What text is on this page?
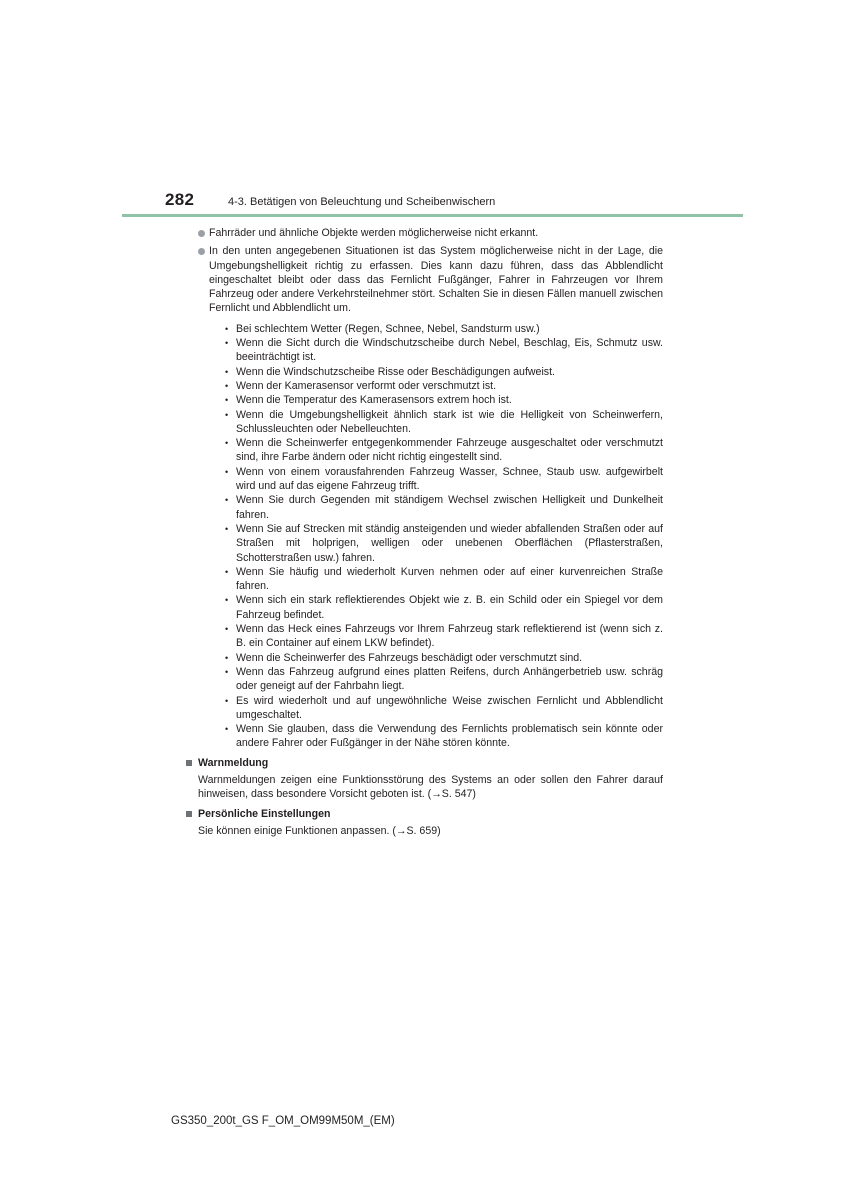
282	4-3. Betätigen von Beleuchtung und Scheibenwischern
Fahrräder und ähnliche Objekte werden möglicherweise nicht erkannt.
In den unten angegebenen Situationen ist das System möglicherweise nicht in der Lage, die Umgebungshelligkeit richtig zu erfassen. Dies kann dazu führen, dass das Abblendlicht eingeschaltet bleibt oder dass das Fernlicht Fußgänger, Fahrer in Fahrzeugen vor Ihrem Fahrzeug oder andere Verkehrsteilnehmer stört. Schalten Sie in diesen Fällen manuell zwischen Fernlicht und Abblendlicht um.
• Bei schlechtem Wetter (Regen, Schnee, Nebel, Sandsturm usw.)
• Wenn die Sicht durch die Windschutzscheibe durch Nebel, Beschlag, Eis, Schmutz usw. beeinträchtigt ist.
• Wenn die Windschutzscheibe Risse oder Beschädigungen aufweist.
• Wenn der Kamerasensor verformt oder verschmutzt ist.
• Wenn die Temperatur des Kamerasensors extrem hoch ist.
• Wenn die Umgebungshelligkeit ähnlich stark ist wie die Helligkeit von Scheinwerfern, Schlussleuchten oder Nebelleuchten.
• Wenn die Scheinwerfer entgegenkommender Fahrzeuge ausgeschaltet oder verschmutzt sind, ihre Farbe ändern oder nicht richtig eingestellt sind.
• Wenn von einem vorausfahrenden Fahrzeug Wasser, Schnee, Staub usw. aufgewirbelt wird und auf das eigene Fahrzeug trifft.
• Wenn Sie durch Gegenden mit ständigem Wechsel zwischen Helligkeit und Dunkelheit fahren.
• Wenn Sie auf Strecken mit ständig ansteigenden und wieder abfallenden Straßen oder auf Straßen mit holprigen, welligen oder unebenen Oberflächen (Pflasterstraßen, Schotterstraßen usw.) fahren.
• Wenn Sie häufig und wiederholt Kurven nehmen oder auf einer kurvenreichen Straße fahren.
• Wenn sich ein stark reflektierendes Objekt wie z. B. ein Schild oder ein Spiegel vor dem Fahrzeug befindet.
• Wenn das Heck eines Fahrzeugs vor Ihrem Fahrzeug stark reflektierend ist (wenn sich z. B. ein Container auf einem LKW befindet).
• Wenn die Scheinwerfer des Fahrzeugs beschädigt oder verschmutzt sind.
• Wenn das Fahrzeug aufgrund eines platten Reifens, durch Anhängerbetrieb usw. schräg oder geneigt auf der Fahrbahn liegt.
• Es wird wiederholt und auf ungewöhnliche Weise zwischen Fernlicht und Abblendlicht umgeschaltet.
• Wenn Sie glauben, dass die Verwendung des Fernlichts problematisch sein könnte oder andere Fahrer oder Fußgänger in der Nähe stören könnte.
Warnmeldung
Warnmeldungen zeigen eine Funktionsstörung des Systems an oder sollen den Fahrer darauf hinweisen, dass besondere Vorsicht geboten ist. (→S. 547)
Persönliche Einstellungen
Sie können einige Funktionen anpassen. (→S. 659)
GS350_200t_GS F_OM_OM99M50M_(EM)
